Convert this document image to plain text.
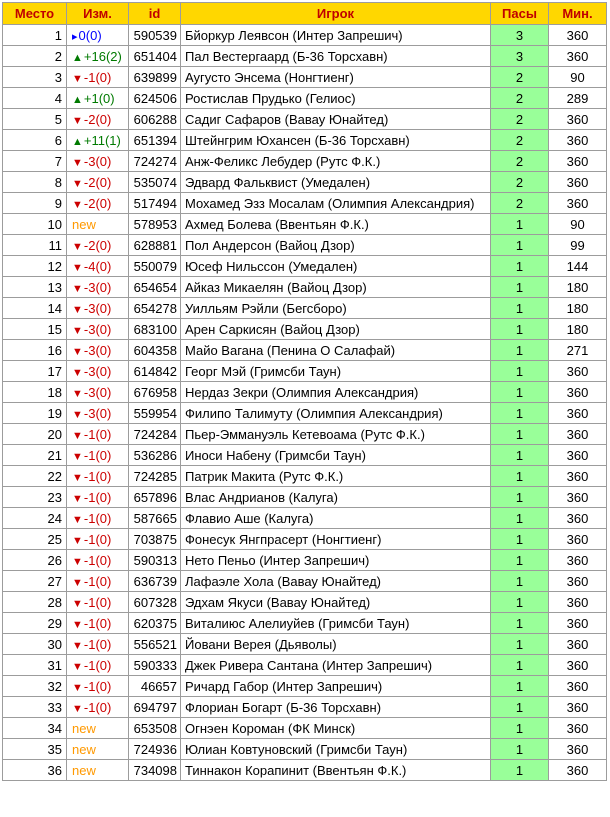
Место	Изм.	id	Игрок	Пасы	Мин.
1	▸0(0)	590539	Бйоркур Леявсон (Интер Запрешич)	3	360
2	▲+16(2)	651404	Пал Вестергаард (Б-36 Торсхавн)	3	360
3	▼-1(0)	639899	Аугусто Энсема (Нонгтиенг)	2	90
4	▲+1(0)	624506	Ростислав Прудько (Гелиос)	2	289
5	▼-2(0)	606288	Садиг Сафаров (Вавау Юнайтед)	2	360
6	▲+11(1)	651394	Штейнгрим Юхансен (Б-36 Торсхавн)	2	360
7	▼-3(0)	724274	Анж-Феликс Лебудер (Рутс Ф.К.)	2	360
8	▼-2(0)	535074	Эдвард Фальквист (Умедален)	2	360
9	▼-2(0)	517494	Мохамед Эзз Мосалам (Олимпия Александрия)	2	360
10	new	578953	Ахмед Болева (Ввентьян Ф.К.)	1	90
11	▼-2(0)	628881	Пол Андерсон (Вайоц Дзор)	1	99
12	▼-4(0)	550079	Юсеф Нильссон (Умедален)	1	144
13	▼-3(0)	654654	Айказ Микаелян (Вайоц Дзор)	1	180
14	▼-3(0)	654278	Уилльям Рэйли (Бегсборо)	1	180
15	▼-3(0)	683100	Арен Саркисян (Вайоц Дзор)	1	180
16	▼-3(0)	604358	Майо Вагана (Пенина О Салафай)	1	271
17	▼-3(0)	614842	Георг Мэй (Гримсби Таун)	1	360
18	▼-3(0)	676958	Нердаз Зекри (Олимпия Александрия)	1	360
19	▼-3(0)	559954	Филипо Талимуту (Олимпия Александрия)	1	360
20	▼-1(0)	724284	Пьер-Эммануэль Кетевоама (Рутс Ф.К.)	1	360
21	▼-1(0)	536286	Иноси Набену (Гримсби Таун)	1	360
22	▼-1(0)	724285	Патрик Макита (Рутс Ф.К.)	1	360
23	▼-1(0)	657896	Влас Андрианов (Калуга)	1	360
24	▼-1(0)	587665	Флавио Аше (Калуга)	1	360
25	▼-1(0)	703875	Фонесук Янгпрасерт (Нонгтиенг)	1	360
26	▼-1(0)	590313	Нето Пеньо (Интер Запрешич)	1	360
27	▼-1(0)	636739	Лафаэле Хола (Вавау Юнайтед)	1	360
28	▼-1(0)	607328	Эдхам Якуси (Вавау Юнайтед)	1	360
29	▼-1(0)	620375	Виталиюс Алелиуйев (Гримсби Таун)	1	360
30	▼-1(0)	556521	Йовани Верея (Дьяволы)	1	360
31	▼-1(0)	590333	Джек Ривера Сантана (Интер Запрешич)	1	360
32	▼-1(0)	46657	Ричард Габор (Интер Запрешич)	1	360
33	▼-1(0)	694797	Флориан Богарт (Б-36 Торсхавн)	1	360
34	new	653508	Огнэен Короман (ФК Минск)	1	360
35	new	724936	Юлиан Ковтуновский (Гримсби Таун)	1	360
36	new	734098	Тиннакон Корапинит (Ввентьян Ф.К.)	1	360
